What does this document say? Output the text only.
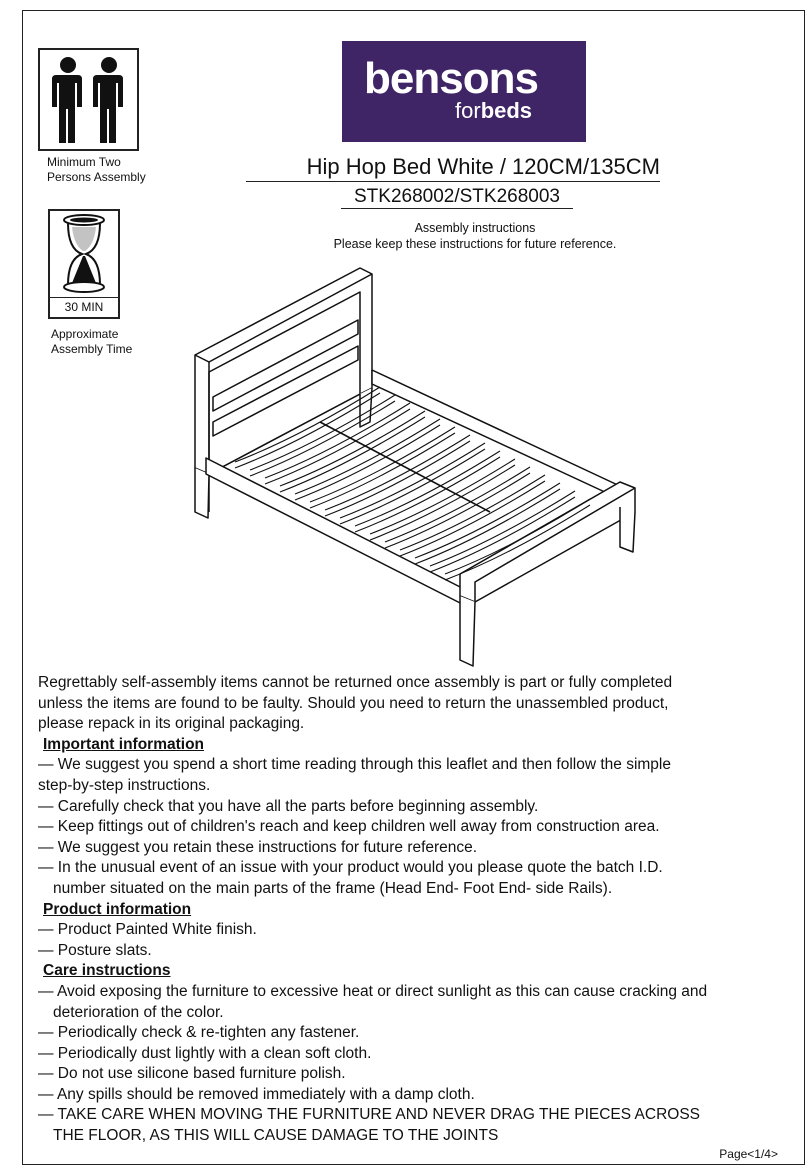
Minimum Two
Persons Assembly
30 MIN
Approximate
Assembly Time
bensons
forbeds
Hip Hop Bed White / 120CM/135CM
STK268002/STK268003
Assembly instructions
Please keep these instructions for future reference.

Regrettably self-assembly items cannot be returned once assembly is part or fully completed

unless the items are found to be faulty. Should you need to return the unassembled product,

please repack in its original packaging.

Important information

— We suggest you spend a short time reading through this leaflet and then follow the simple

step-by-step instructions.

— Carefully check that you have all the parts before beginning assembly.

— Keep fittings out of children's reach and keep children well away from construction area.

— We suggest you retain these instructions for future reference.

— In the unusual event of an issue with your product would you please quote the batch I.D.

number situated on the main parts of the frame (Head End- Foot End- side Rails).

Product information

— Product Painted White finish.

— Posture slats.

Care instructions

— Avoid exposing the furniture to excessive heat or direct sunlight as this can cause cracking and

deterioration of the color.

— Periodically check & re-tighten any fastener.

— Periodically dust lightly with a clean soft cloth.

— Do not use silicone based furniture polish.

— Any spills should be removed immediately with a damp cloth.

— TAKE CARE WHEN MOVING THE FURNITURE AND NEVER DRAG THE PIECES ACROSS

THE FLOOR, AS THIS WILL CAUSE DAMAGE TO THE JOINTS

Page<1/4>
